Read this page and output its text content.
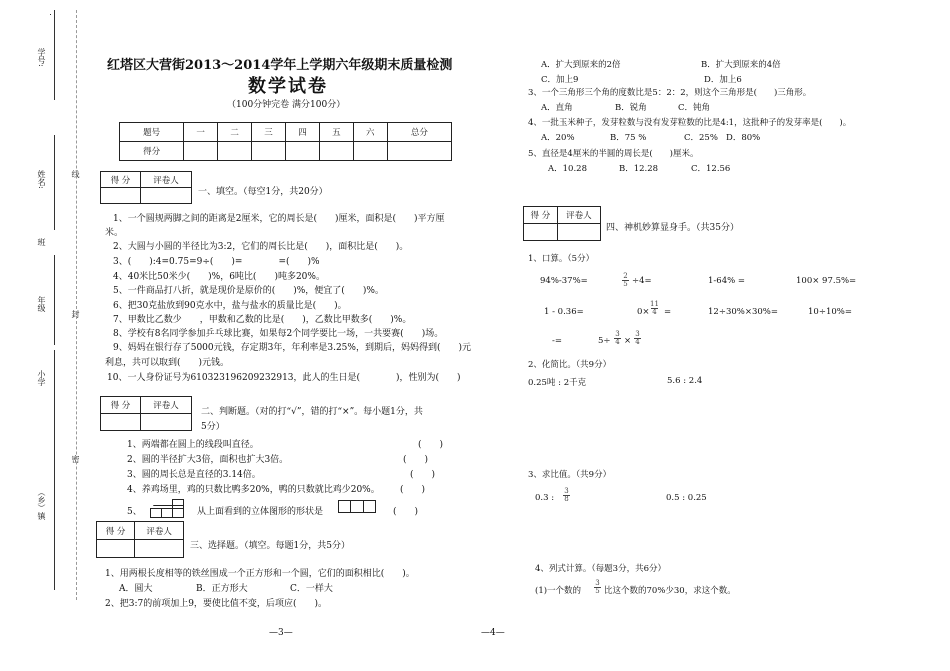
学号:
姓名:	线
班
年级
封
小学
密
（乡）镇
红塔区大营街2013～2014学年上学期六年级期末质量检测
数学试卷
（100分钟完卷 满分100分）
题号	一	二	三	四	五	六	总分
得分							
得 分	评卷人

一、填空。（每空1分，共20分）
1、一个圆规两脚之间的距离是2厘米，它的周长是(　　)厘米，面积是(　　)平方厘
米。
2、大圆与小圆的半径比为3:2，它们的周长比是(　　)，面积比是(　　)。
3、(　　):4=0.75=9÷(　　)=　　　　=(　　)%
4、40米比50米少(　　)%，6吨比(　　)吨多20%。
5、一件商品打八折，就是现价是原价的(　　)%，便宜了(　　)%。
6、把30克盐放到90克水中，盐与盐水的质量比是(　　)。
7、甲数比乙数少　　，甲数和乙数的比是(　　)，乙数比甲数多(　　)%。
8、学校有8名同学参加乒乓球比赛，如果每2个同学要比一场，一共要赛(　　)场。
9、妈妈在银行存了5000元钱，存定期3年，年利率是3.25%，到期后，妈妈得到(　　)元
利息，共可以取到(　　)元钱。
10、一人身份证号为610323196209232913，此人的生日是(　　　　)，性别为(　　)
得 分	评卷人

二、判断题。（对的打“√”，错的打“×”。每小题1分，共
5分）
1、两端都在圆上的线段叫直径。	(　　)
2、圆的半径扩大3倍，面积也扩大3倍。	(　　)
3、圆的周长总是直径的3.14倍。	(　　)
4、养鸡场里，鸡的只数比鸭多20%，鸭的只数就比鸡少20%。 (　　)
5、	从上面看到的立体图形的形状是	(　　)
得 分	评卷人

三、选择题。（填空。每题1分，共5分）
1、用两根长度相等的铁丝围成一个正方形和一个圆，它们的面积相比(　　)。
A．圆大	B．正方形大	C．一样大
2、把3:7的前项加上9，要使比值不变，后项应(　　)。
A．扩大到原来的2倍	B．扩大到原来的4倍
C．加上9	D．加上6
3、一个三角形三个角的度数比是5：2：2，则这个三角形是(　　)三角形。
A．直角	B．锐角	C．钝角
4、一批玉米种子，发芽粒数与没有发芽粒数的比是4:1，这批种子的发芽率是(　　)。
A．20%	B．75 %	C．25% D．80%
5、直径是4厘米的半圆的周长是(　　)厘米。
A．10.28	B．12.28	C．12.56
得 分	评卷人

四、神机妙算显身手。（共35分）
1、口算。（5分）
94%-37%=	$\frac{2}{5} \div 4=$	1-64% =	100× 97.5%=
1 - 0.36=	$0\times \frac{11}{4}$ =	12÷30%×30%=	10÷10%=
-=	$5\div \frac{3}{4} \times \frac{3}{4}$
2、化简比。（共9分）
0.25吨 : 2千克	5.6 : 2.4
3、求比值。（共9分）
0.3 : $\frac{3}{8}$	0.5 : 0.25
4、列式计算。（每题3分，共6分）
(1)一个数的 $\frac{3}{5}$ 比这个数的70%少30，求这个数。
—3—	—4—
